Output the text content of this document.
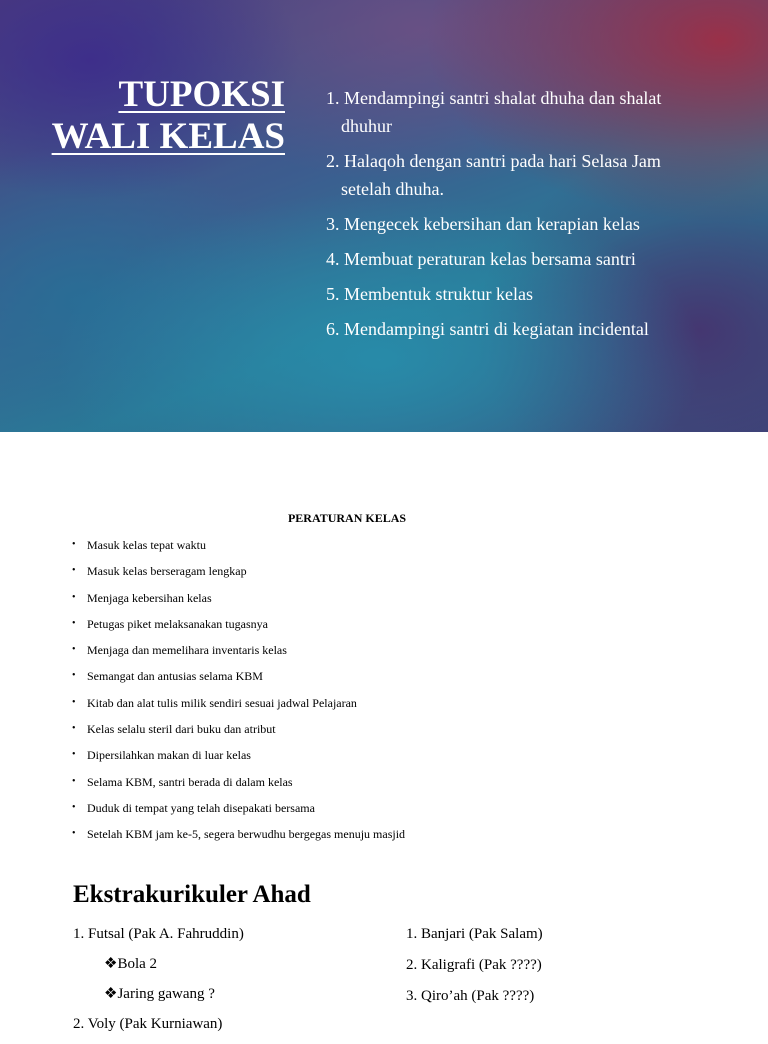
TUPOKSI
WALI KELAS
1. Mendampingi santri shalat dhuha dan shalat dhuhur
2. Halaqoh dengan santri pada hari Selasa Jam setelah dhuha.
3. Mengecek kebersihan dan kerapian kelas
4. Membuat peraturan kelas bersama santri
5. Membentuk struktur kelas
6. Mendampingi santri di kegiatan incidental
PERATURAN KELAS
• Masuk kelas tepat waktu
• Masuk kelas berseragam lengkap
• Menjaga kebersihan kelas
• Petugas piket melaksanakan tugasnya
• Menjaga dan memelihara inventaris kelas
• Semangat dan antusias selama KBM
• Kitab dan alat tulis milik sendiri sesuai jadwal Pelajaran
• Kelas selalu steril dari buku dan atribut
• Dipersilahkan makan di luar kelas
• Selama KBM, santri berada di dalam kelas
• Duduk di tempat yang telah disepakati bersama
• Setelah KBM jam ke-5, segera berwudhu bergegas menuju masjid
Ekstrakurikuler Ahad
1. Futsal (Pak A. Fahruddin)
❖Bola 2
❖Jaring gawang ?
2. Voly (Pak Kurniawan)
1. Banjari (Pak Salam)
2. Kaligrafi (Pak ????)
3. Qiro’ah (Pak ????)
